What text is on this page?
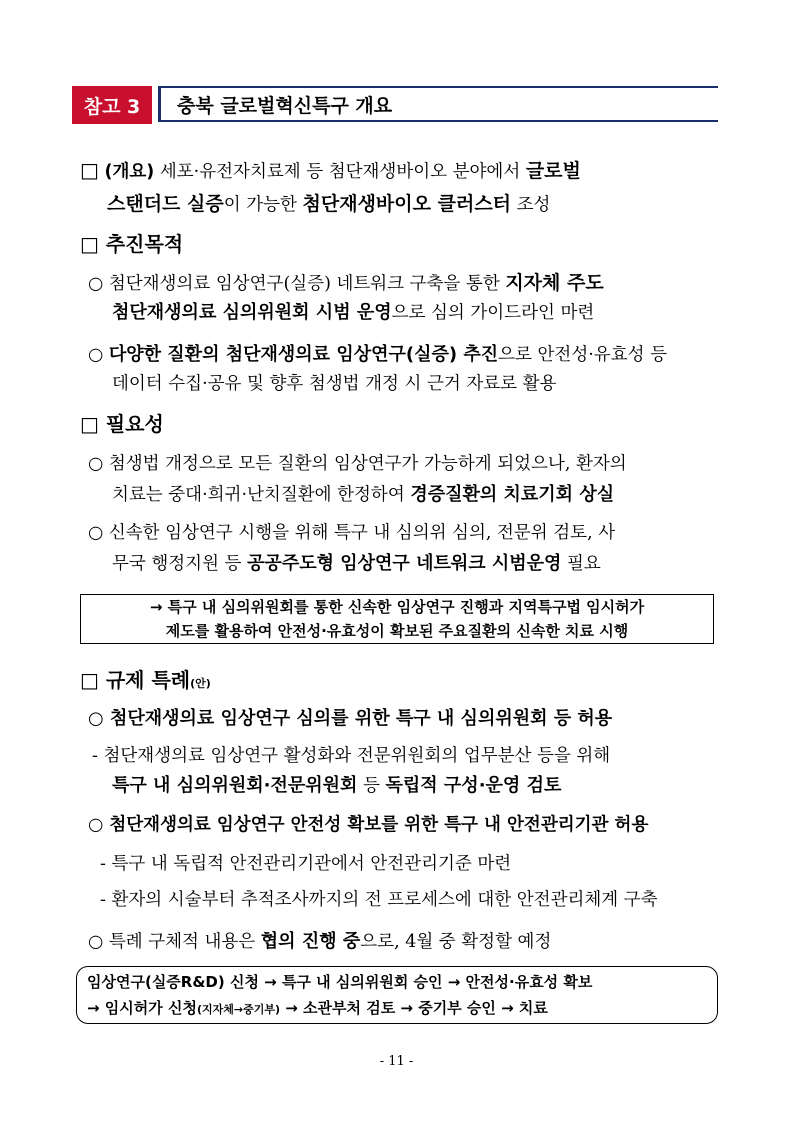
참고 3	충북 글로벌혁신특구 개요
□ (개요) 세포·유전자치료제 등 첨단재생바이오 분야에서 글로벌
스탠더드 실증이 가능한 첨단재생바이오 클러스터 조성
□ 추진목적
○ 첨단재생의료 임상연구(실증) 네트워크 구축을 통한 지자체 주도
첨단재생의료 심의위원회 시범 운영으로 심의 가이드라인 마련
○ 다양한 질환의 첨단재생의료 임상연구(실증) 추진으로 안전성·유효성 등
데이터 수집·공유 및 향후 첨생법 개정 시 근거 자료로 활용
□ 필요성
○ 첨생법 개정으로 모든 질환의 임상연구가 가능하게 되었으나, 환자의
치료는 중대·희귀·난치질환에 한정하여 경증질환의 치료기회 상실
○ 신속한 임상연구 시행을 위해 특구 내 심의위 심의, 전문위 검토, 사
무국 행정지원 등 공공주도형 임상연구 네트워크 시범운영 필요
→ 특구 내 심의위원회를 통한 신속한 임상연구 진행과 지역특구법 임시허가
제도를 활용하여 안전성·유효성이 확보된 주요질환의 신속한 치료 시행
□ 규제 특례(안)
○ 첨단재생의료 임상연구 심의를 위한 특구 내 심의위원회 등 허용
- 첨단재생의료 임상연구 활성화와 전문위원회의 업무분산 등을 위해
특구 내 심의위원회·전문위원회 등 독립적 구성·운영 검토
○ 첨단재생의료 임상연구 안전성 확보를 위한 특구 내 안전관리기관 허용
- 특구 내 독립적 안전관리기관에서 안전관리기준 마련
- 환자의 시술부터 추적조사까지의 전 프로세스에 대한 안전관리체계 구축
○ 특례 구체적 내용은 협의 진행 중으로, 4월 중 확정할 예정
임상연구(실증R&D) 신청 → 특구 내 심의위원회 승인 → 안전성·유효성 확보
→ 임시허가 신청(지자체→중기부) → 소관부처 검토 → 중기부 승인 → 치료
- 11 -
